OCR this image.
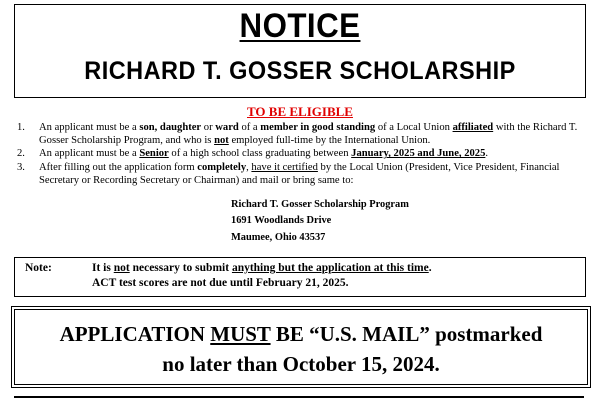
NOTICE
RICHARD T. GOSSER SCHOLARSHIP
TO BE ELIGIBLE
1. An applicant must be a son, daughter or ward of a member in good standing of a Local Union affiliated with the Richard T. Gosser Scholarship Program, and who is not employed full-time by the International Union.
2. An applicant must be a Senior of a high school class graduating between January, 2025 and June, 2025.
3. After filling out the application form completely, have it certified by the Local Union (President, Vice President, Financial Secretary or Recording Secretary or Chairman) and mail or bring same to:
Richard T. Gosser Scholarship Program
1691 Woodlands Drive
Maumee, Ohio 43537
Note:	It is not necessary to submit anything but the application at this time.
ACT test scores are not due until February 21, 2025.
APPLICATION MUST BE “U.S. MAIL” postmarked
no later than October 15, 2024.
